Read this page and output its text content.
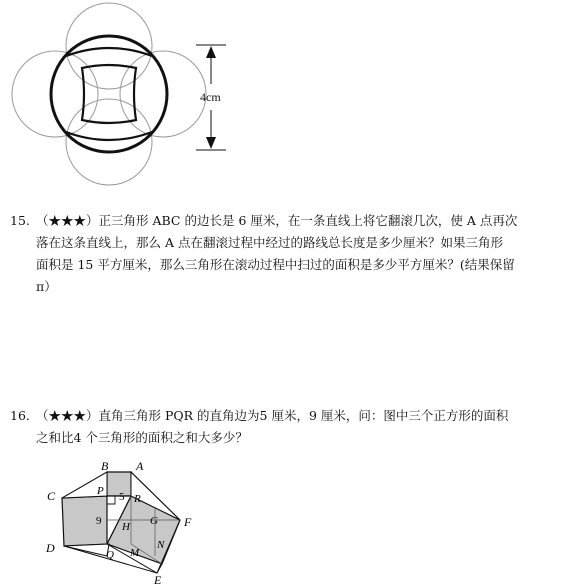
4cm
15. （★★★）正三角形 ABC 的边长是 6 厘米，在一条直线上将它翻滚几次，使 A 点再次
落在这条直线上，那么 A 点在翻滚过程中经过的路线总长度是多少厘米？如果三角形
面积是 15 平方厘米，那么三角形在滚动过程中扫过的面积是多少平方厘米？(结果保留
π）
16. （★★★）直角三角形 PQR 的直角边为5 厘米，9 厘米，问：图中三个正方形的面积
之和比4 个三角形的面积之和大多少？
B A
C	P 5 R
9 H G F
D	Q M
N
E
